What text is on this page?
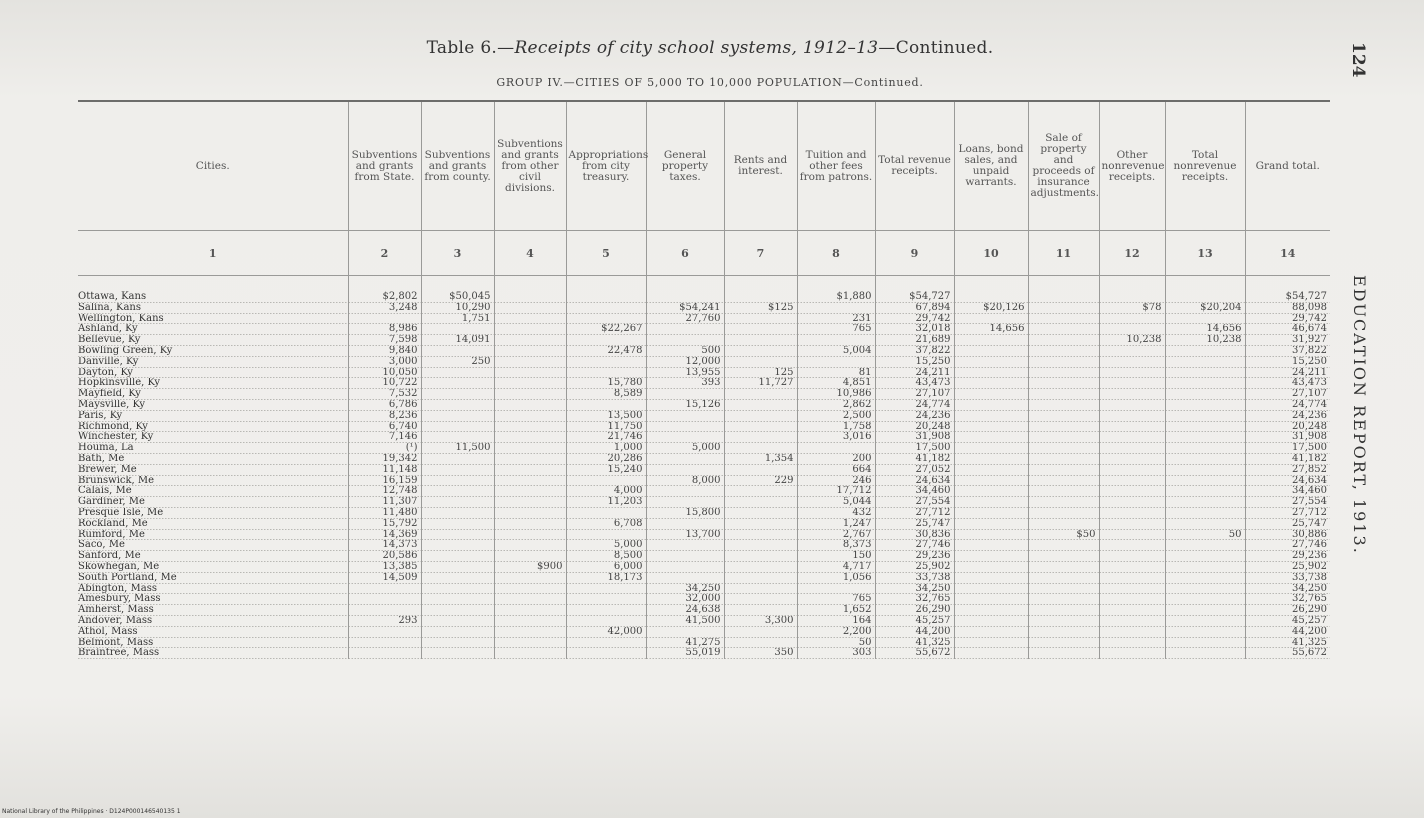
Table 6.—Receipts of city school systems, 1912–13—Continued.
GROUP IV.—CITIES OF 5,000 TO 10,000 POPULATION—Continued.
124
EDUCATION REPORT, 1913.
Cities.	Subventions and grants from State.	Subventions and grants from county.	Subventions and grants from other civil divisions.	Appropriations from city treasury.	General property taxes.	Rents and interest.	Tuition and other fees from patrons.	Total revenue receipts.	Loans, bond sales, and unpaid warrants.	Sale of property and proceeds of insurance adjustments.	Other nonrevenue receipts.	Total nonrevenue receipts.	Grand total.
1	2	3	4	5	6	7	8	9	10	11	12	13	14
Ottawa, Kans	$2,802	$50,045					$1,880	$54,727					$54,727
Salina, Kans	3,248	10,290			$54,241	$125		67,894	$20,126		$78	$20,204	88,098
Wellington, Kans		1,751			27,760		231	29,742					29,742
Ashland, Ky	8,986			$22,267			765	32,018	14,656			14,656	46,674
Bellevue, Ky	7,598	14,091						21,689			10,238	10,238	31,927
Bowling Green, Ky	9,840			22,478	500		5,004	37,822					37,822
Danville, Ky	3,000	250			12,000			15,250					15,250
Dayton, Ky	10,050				13,955	125	81	24,211					24,211
Hopkinsville, Ky	10,722			15,780	393	11,727	4,851	43,473					43,473
Mayfield, Ky	7,532			8,589			10,986	27,107					27,107
Maysville, Ky	6,786				15,126		2,862	24,774					24,774
Paris, Ky	8,236			13,500			2,500	24,236					24,236
Richmond, Ky	6,740			11,750			1,758	20,248					20,248
Winchester, Ky	7,146			21,746			3,016	31,908					31,908
Houma, La	(¹)	11,500		1,000	5,000			17,500					17,500
Bath, Me	19,342			20,286		1,354	200	41,182					41,182
Brewer, Me	11,148			15,240			664	27,052					27,852
Brunswick, Me	16,159				8,000	229	246	24,634					24,634
Calais, Me	12,748			4,000			17,712	34,460					34,460
Gardiner, Me	11,307			11,203			5,044	27,554					27,554
Presque Isle, Me	11,480				15,800		432	27,712					27,712
Rockland, Me	15,792			6,708			1,247	25,747					25,747
Rumford, Me	14,369				13,700		2,767	30,836		$50		50	30,886
Saco, Me	14,373			5,000			8,373	27,746					27,746
Sanford, Me	20,586			8,500			150	29,236					29,236
Skowhegan, Me	13,385		$900	6,000			4,717	25,902					25,902
South Portland, Me	14,509			18,173			1,056	33,738					33,738
Abington, Mass					34,250			34,250					34,250
Amesbury, Mass					32,000		765	32,765					32,765
Amherst, Mass					24,638		1,652	26,290					26,290
Andover, Mass	293				41,500	3,300	164	45,257					45,257
Athol, Mass				42,000			2,200	44,200					44,200
Belmont, Mass					41,275		50	41,325					41,325
Braintree, Mass					55,019	350	303	55,672					55,672
National Library of the Philippines · D124P000146540135 1
